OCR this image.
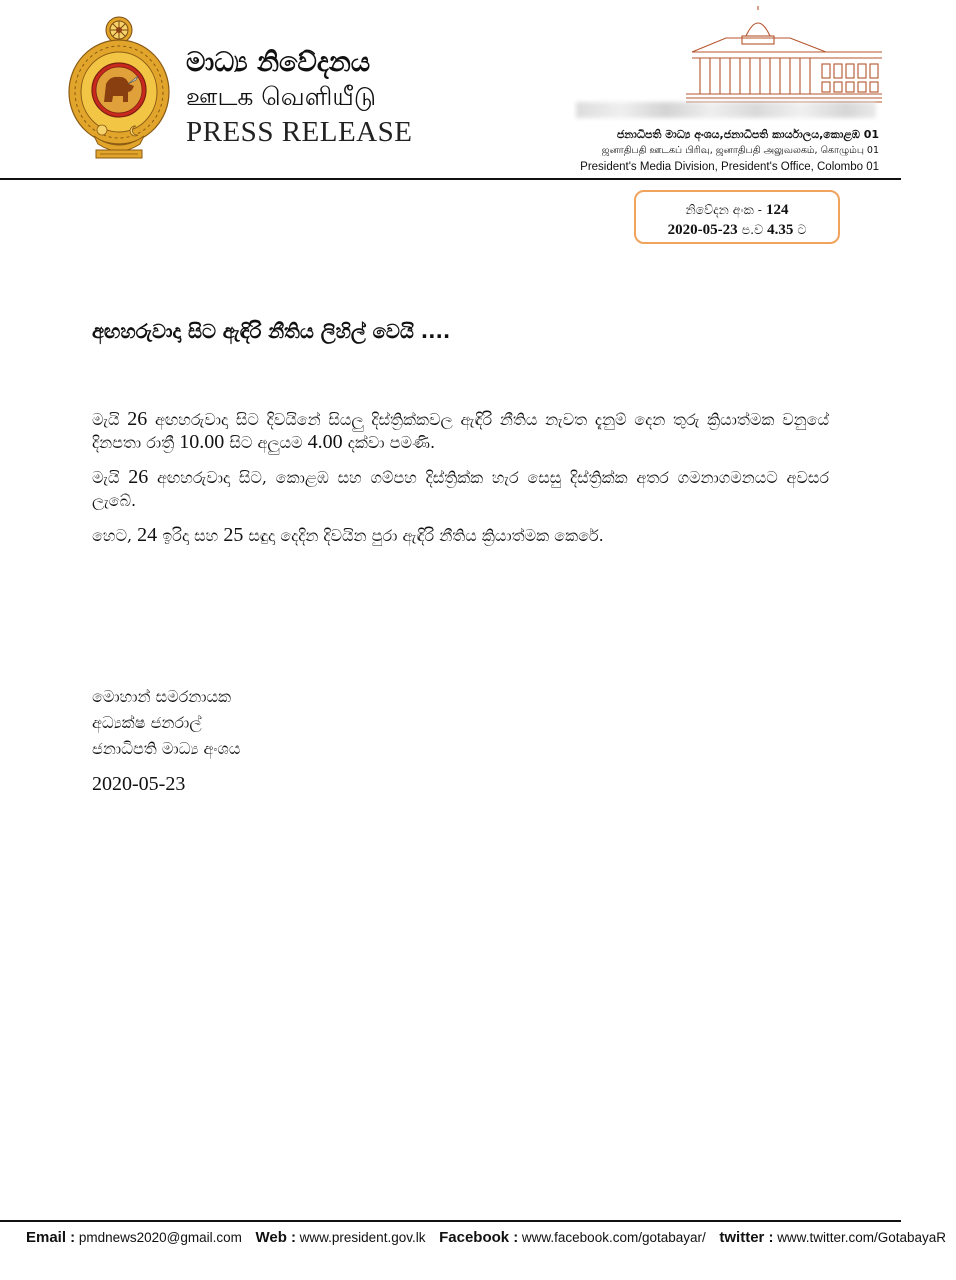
මාධ්‍ය නිවේදනය
ஊடக வெளியீடு
PRESS RELEASE	ජනාධිපති මාධ්‍ය අංශය,ජනාධිපති කාර්යාලය,කොළඹ 01
ஜனாதிபதி ஊடகப் பிரிவு, ஜனாதிபதி அலுவலகம், கொழும்பு 01
President's Media Division, President's Office, Colombo 01
නිවේදන අංක - 124
2020-05-23 ප.ව 4.35 ට
අඟහරුවාදා සිට ඇඳිරි නීතිය ලිහිල් වෙයි ....

මැයි 26 අඟහරුවාදා සිට දිවයිනේ සියලු දිස්ත්‍රික්කවල ඇඳිරි නීතිය නැවත දැනුම් දෙන තුරු ක්‍රියාත්මක වනුයේ දිනපතා රාත්‍රී 10.00 සිට අලුයම 4.00 දක්වා පමණි.

මැයි 26 අඟහරුවාදා සිට, කොළඹ සහ ගම්පහ දිස්ත්‍රික්ක හැර සෙසු දිස්ත්‍රික්ක අතර ගමනාගමනයට අවසර ලැබේ.

හෙට, 24 ඉරිදා සහ 25 සඳුදා දෙදින දිවයින පුරා ඇඳිරි නීතිය ක්‍රියාත්මක කෙරේ.

මොහාන් සමරනායක
අධ්‍යක්ෂ ජනරාල්
ජනාධිපති මාධ්‍ය අංශය
2020-05-23
Email : pmdnews2020@gmail.com Web : www.president.gov.lk Facebook : www.facebook.com/gotabayar/ twitter : www.twitter.com/GotabayaR
